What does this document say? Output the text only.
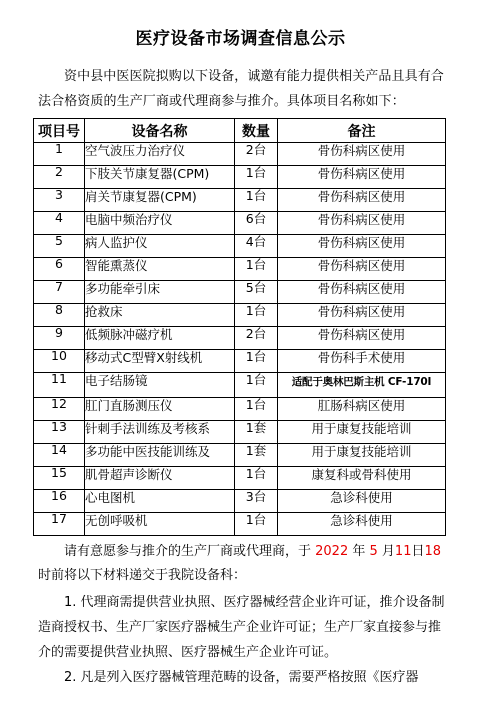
医疗设备市场调查信息公示
资中县中医医院拟购以下设备，诚邀有能力提供相关产品且具有合法合格资质的生产厂商或代理商参与推介。具体项目名称如下：
项目号	设备名称	数量	备注
1	空气波压力治疗仪	2台	骨伤科病区使用
2	下肢关节康复器(CPM)	1台	骨伤科病区使用
3	肩关节康复器(CPM)	1台	骨伤科病区使用
4	电脑中频治疗仪	6台	骨伤科病区使用
5	病人监护仪	4台	骨伤科病区使用
6	智能熏蒸仪	1台	骨伤科病区使用
7	多功能牵引床	5台	骨伤科病区使用
8	抢救床	1台	骨伤科病区使用
9	低频脉冲磁疗机	2台	骨伤科病区使用
10	移动式C型臂X射线机	1台	骨伤科手术使用
11	电子结肠镜	1台	适配于奥林巴斯主机 CF-170I
12	肛门直肠测压仪	1台	肛肠科病区使用
13	针刺手法训练及考核系	1套	用于康复技能培训
14	多功能中医技能训练及	1套	用于康复技能培训
15	肌骨超声诊断仪	1台	康复科或骨科使用
16	心电图机	3台	急诊科使用
17	无创呼吸机	1台	急诊科使用
请有意愿参与推介的生产厂商或代理商，于 2022 年 5 月11日18时前将以下材料递交于我院设备科：
1. 代理商需提供营业执照、医疗器械经营企业许可证，推介设备制造商授权书、生产厂家医疗器械生产企业许可证；生产厂家直接参与推介的需要提供营业执照、医疗器械生产企业许可证。
2. 凡是列入医疗器械管理范畴的设备，需要严格按照《医疗器
